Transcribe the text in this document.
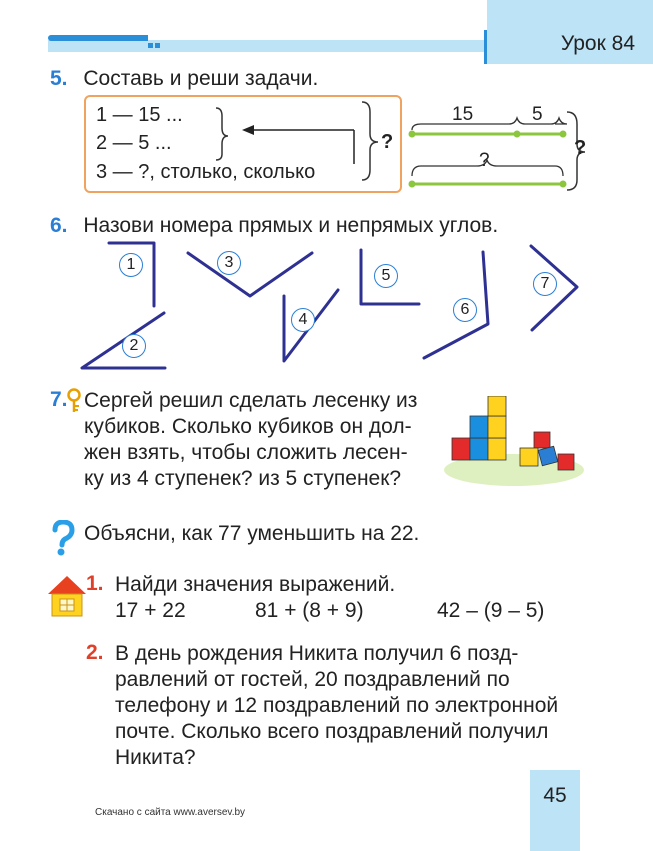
Урок 84
5. Составь и реши задачи.
1 — 15 ...
2 — 5 ...
3 — ?, столько, сколько
?
15	5
?
?
6. Назови номера прямых и непрямых углов.
1
2
3
4
5
6
7
7. Сергей решил сделать лесенку из
кубиков. Сколько кубиков он дол-
жен взять, чтобы сложить лесен-
ку из 4 ступенек? из 5 ступенек?
Объясни, как 77 уменьшить на 22.
1. Найди значения выражений.
17 + 22	81 + (8 + 9)	42 – (9 – 5)
2. В день рождения Никита получил 6 позд-
равлений от гостей, 20 поздравлений по
телефону и 12 поздравлений по электронной
почте. Сколько всего поздравлений получил
Никита?
45
Скачано с сайта www.aversev.by
